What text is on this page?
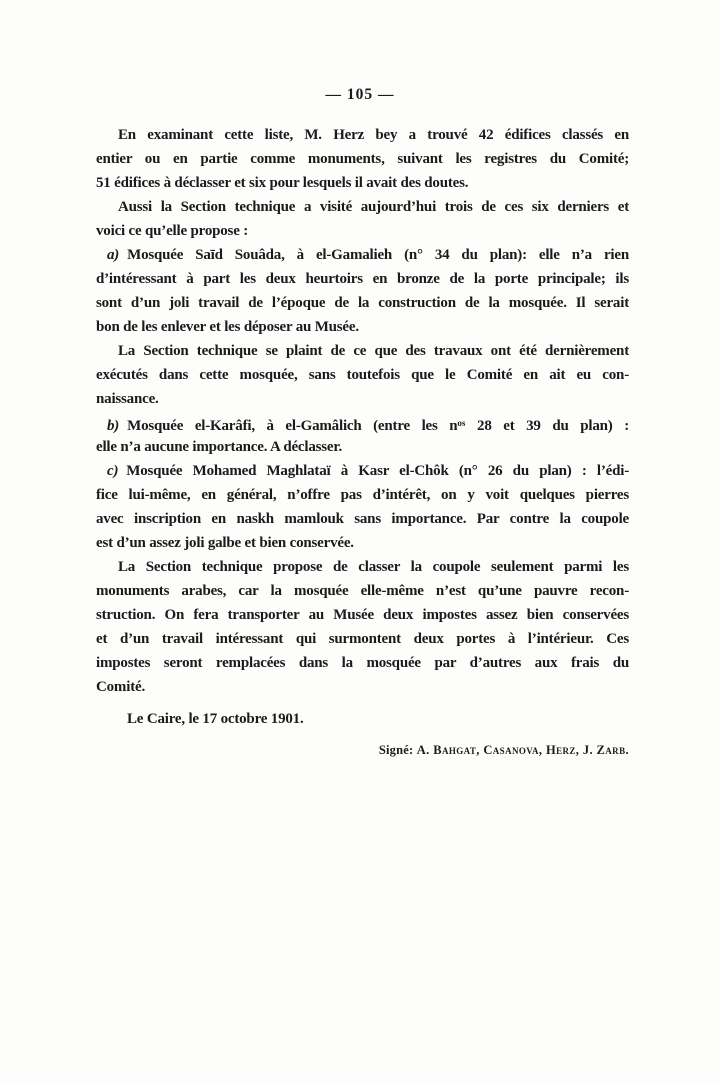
— 105 —
En examinant cette liste, M. Herz bey a trouvé 42 édifices classés en
entier ou en partie comme monuments, suivant les registres du Comité;
51 édifices à déclasser et six pour lesquels il avait des doutes.
Aussi la Section technique a visité aujourd’hui trois de ces six derniers et
voici ce qu’elle propose :
a) Mosquée Saīd Souâda, à el-Gamalieh (n° 34 du plan): elle n’a rien
d’intéressant à part les deux heurtoirs en bronze de la porte principale; ils
sont d’un joli travail de l’époque de la construction de la mosquée. Il serait
bon de les enlever et les déposer au Musée.
La Section technique se plaint de ce que des travaux ont été dernièrement
exécutés dans cette mosquée, sans toutefois que le Comité en ait eu con-
naissance.
b) Mosquée el-Karâfi, à el-Gamâlich (entre les $n^{os}$ 28 et 39 du plan) :
elle n’a aucune importance. A déclasser.
c) Mosquée Mohamed Maghlataï à Kasr el-Chôk (n° 26 du plan) : l’édi-
fice lui-même, en général, n’offre pas d’intérêt, on y voit quelques pierres
avec inscription en naskh mamlouk sans importance. Par contre la coupole
est d’un assez joli galbe et bien conservée.
La Section technique propose de classer la coupole seulement parmi les
monuments arabes, car la mosquée elle-même n’est qu’une pauvre recon-
struction. On fera transporter au Musée deux impostes assez bien conservées
et d’un travail intéressant qui surmontent deux portes à l’intérieur. Ces
impostes seront remplacées dans la mosquée par d’autres aux frais du
Comité.
Le Caire, le 17 octobre 1901.
Signé: A. Bahgat, Casanova, Herz, J. Zarb.
